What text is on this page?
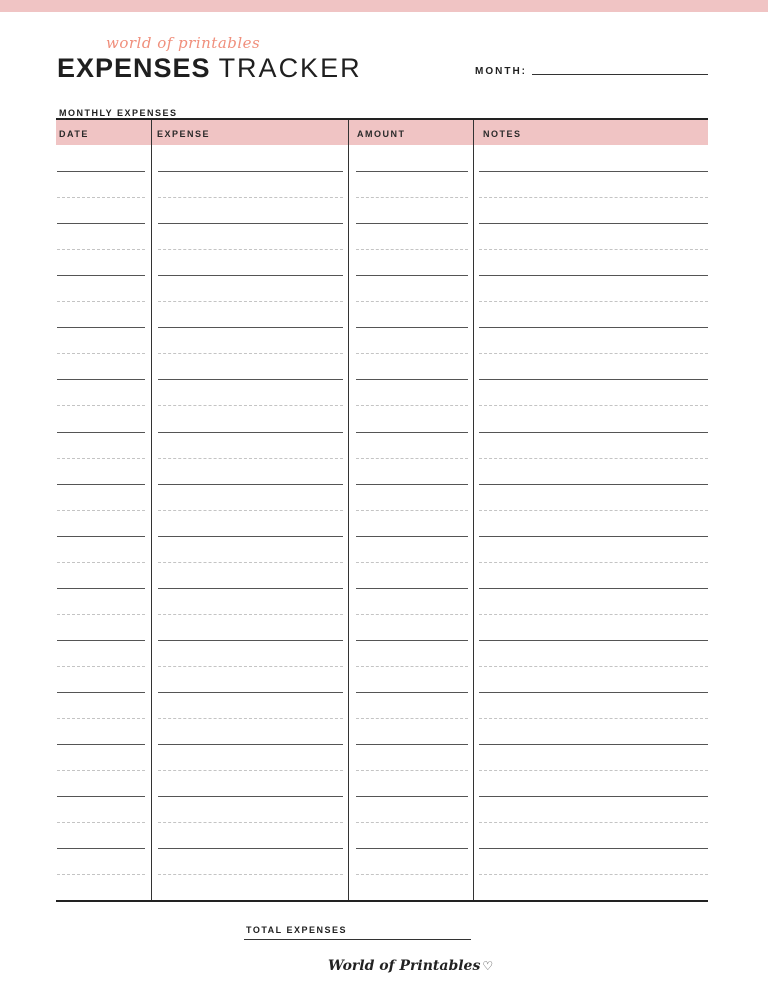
world of printables
EXPENSES TRACKER	MONTH:
MONTHLY EXPENSES
DATE	EXPENSE	AMOUNT	NOTES
TOTAL EXPENSES
World of Printables ♡
